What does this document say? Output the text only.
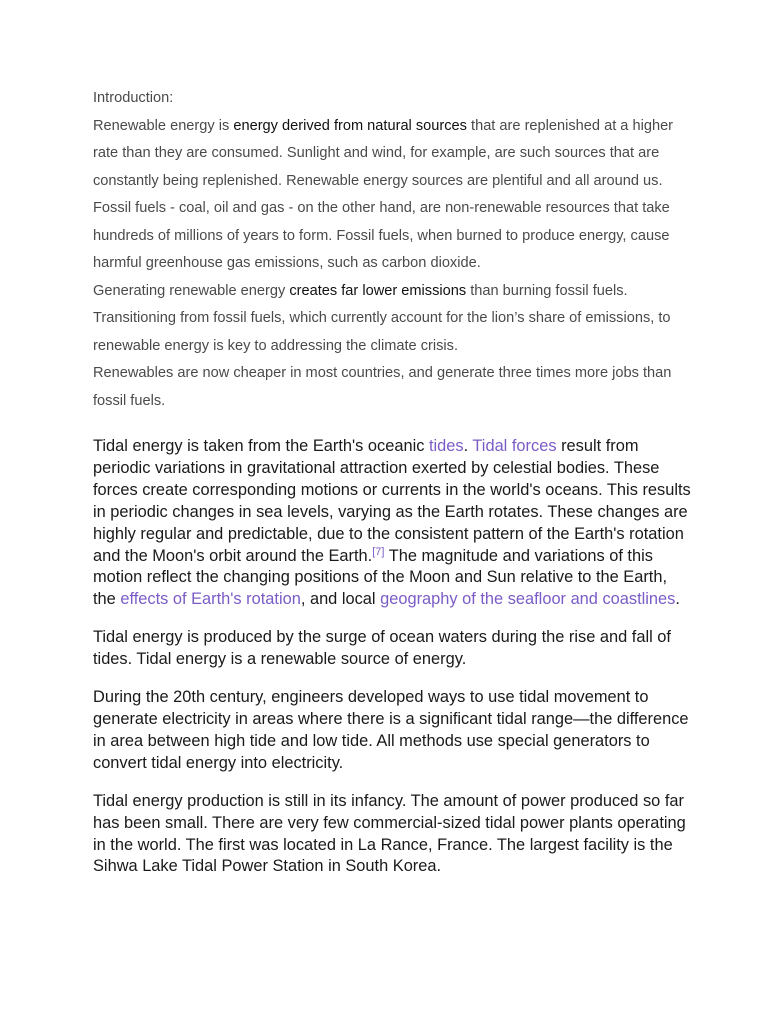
Introduction:

Renewable energy is energy derived from natural sources that are replenished at a higher rate than they are consumed. Sunlight and wind, for example, are such sources that are constantly being replenished. Renewable energy sources are plentiful and all around us.

Fossil fuels - coal, oil and gas - on the other hand, are non-renewable resources that take hundreds of millions of years to form. Fossil fuels, when burned to produce energy, cause harmful greenhouse gas emissions, such as carbon dioxide.

Generating renewable energy creates far lower emissions than burning fossil fuels. Transitioning from fossil fuels, which currently account for the lion’s share of emissions, to renewable energy is key to addressing the climate crisis.

Renewables are now cheaper in most countries, and generate three times more jobs than fossil fuels.

Tidal energy is taken from the Earth's oceanic tides. Tidal forces result from periodic variations in gravitational attraction exerted by celestial bodies. These forces create corresponding motions or currents in the world's oceans. This results in periodic changes in sea levels, varying as the Earth rotates. These changes are highly regular and predictable, due to the consistent pattern of the Earth's rotation and the Moon's orbit around the Earth.[7] The magnitude and variations of this motion reflect the changing positions of the Moon and Sun relative to the Earth, the effects of Earth's rotation, and local geography of the seafloor and coastlines.

Tidal energy is produced by the surge of ocean waters during the rise and fall of tides. Tidal energy is a renewable source of energy.

During the 20th century, engineers developed ways to use tidal movement to generate electricity in areas where there is a significant tidal range—the difference in area between high tide and low tide. All methods use special generators to convert tidal energy into electricity.

Tidal energy production is still in its infancy. The amount of power produced so far has been small. There are very few commercial-sized tidal power plants operating in the world. The first was located in La Rance, France. The largest facility is the Sihwa Lake Tidal Power Station in South Korea.
